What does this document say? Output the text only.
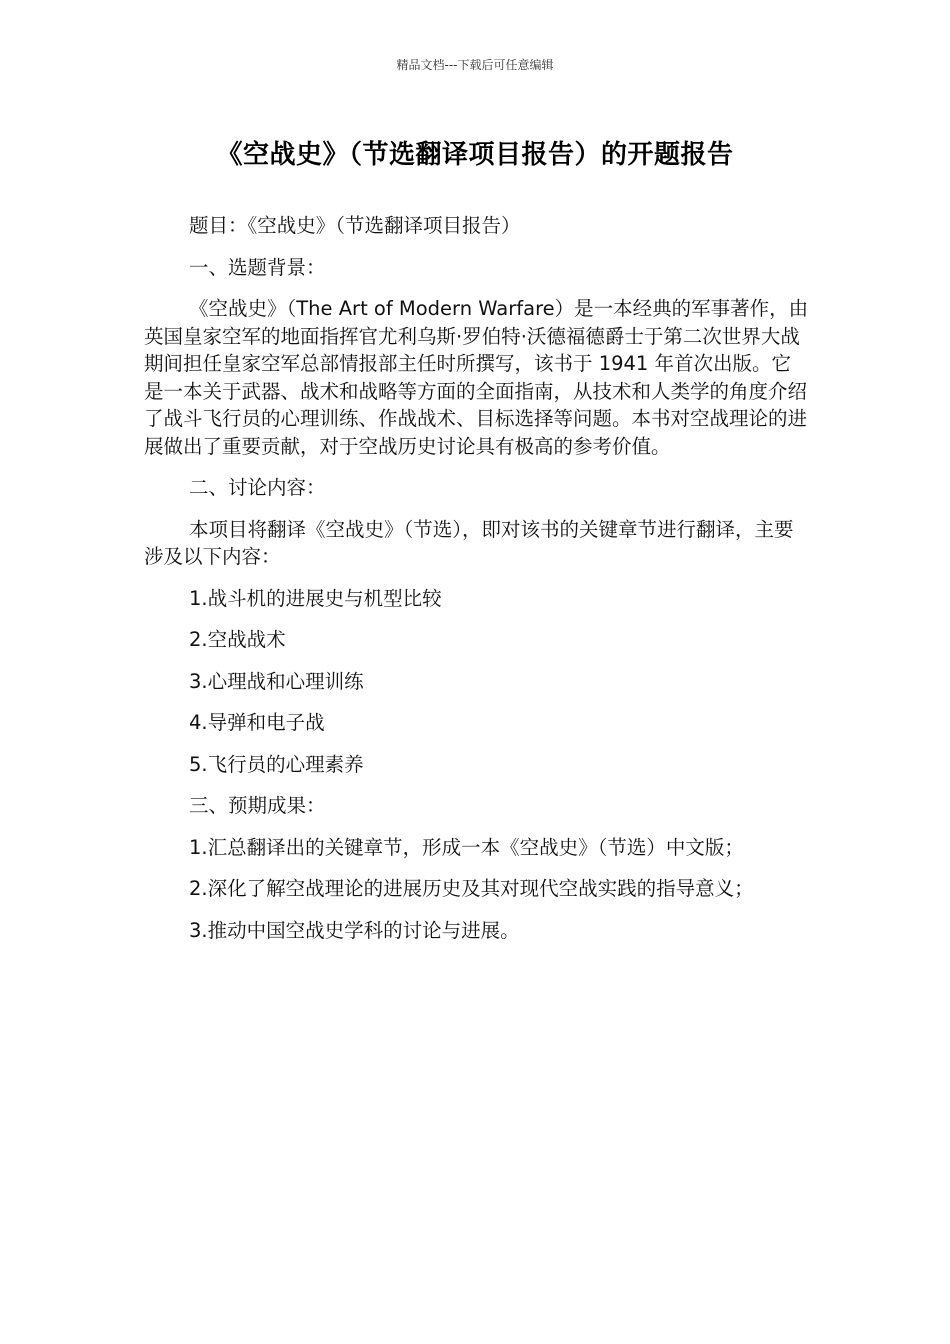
精品文档---下载后可任意编辑
《空战史》（节选翻译项目报告）的开题报告

题目：《空战史》（节选翻译项目报告）

一、选题背景：

《空战史》（The Art of Modern Warfare）是一本经典的军事著作，由英国皇家空军的地面指挥官尤利乌斯·罗伯特·沃德福德爵士于第二次世界大战期间担任皇家空军总部情报部主任时所撰写，该书于 1941 年首次出版。它是一本关于武器、战术和战略等方面的全面指南，从技术和人类学的角度介绍了战斗飞行员的心理训练、作战战术、目标选择等问题。本书对空战理论的进展做出了重要贡献，对于空战历史讨论具有极高的参考价值。

二、讨论内容：

本项目将翻译《空战史》（节选），即对该书的关键章节进行翻译，主要涉及以下内容：

1.战斗机的进展史与机型比较

2.空战战术

3.心理战和心理训练

4.导弹和电子战

5.飞行员的心理素养

三、预期成果：

1.汇总翻译出的关键章节，形成一本《空战史》（节选）中文版；

2.深化了解空战理论的进展历史及其对现代空战实践的指导意义；

3.推动中国空战史学科的讨论与进展。
